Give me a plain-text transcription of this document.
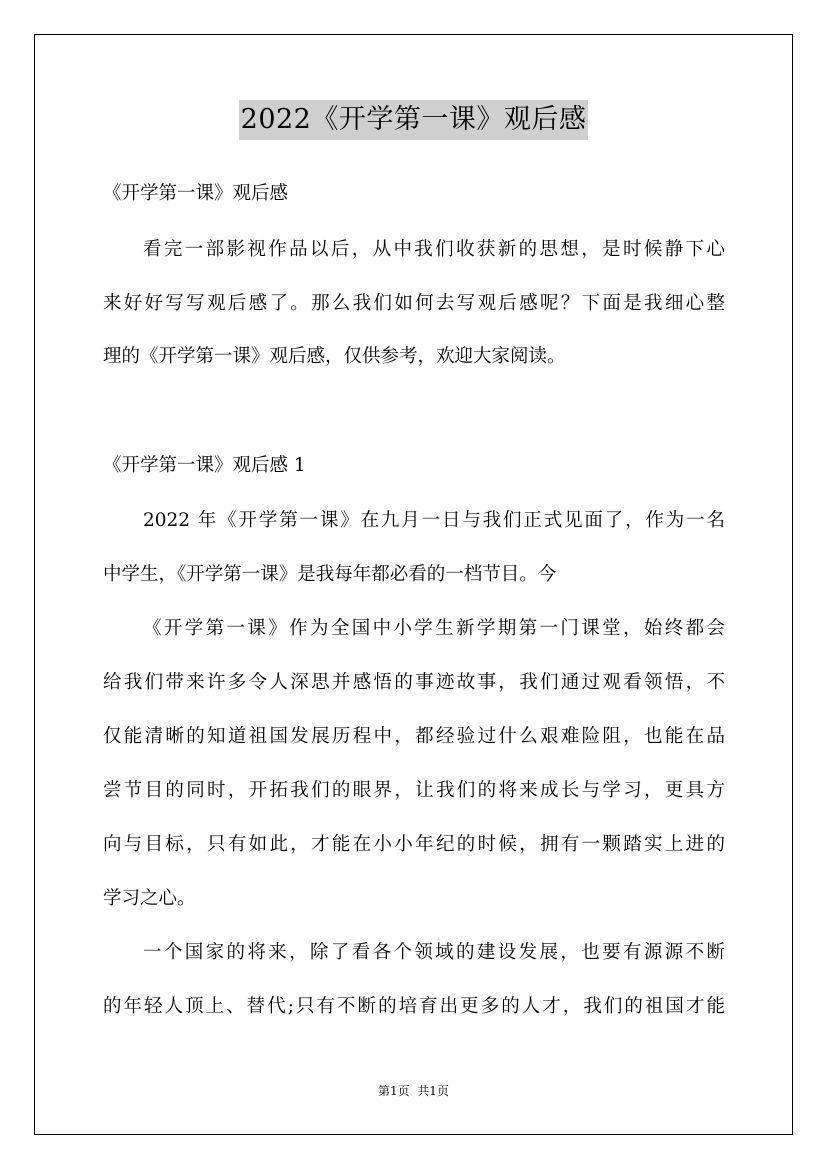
2022《开学第一课》观后感
《开学第一课》观后感
看完一部影视作品以后，从中我们收获新的思想，是时候静下心
来好好写写观后感了。那么我们如何去写观后感呢？下面是我细心整
理的《开学第一课》观后感，仅供参考，欢迎大家阅读。
《开学第一课》观后感 1
2022 年《开学第一课》在九月一日与我们正式见面了，作为一名
中学生，《开学第一课》是我每年都必看的一档节目。今
《开学第一课》作为全国中小学生新学期第一门课堂，始终都会
给我们带来许多令人深思并感悟的事迹故事，我们通过观看领悟，不
仅能清晰的知道祖国发展历程中，都经验过什么艰难险阻，也能在品
尝节目的同时，开拓我们的眼界，让我们的将来成长与学习，更具方
向与目标，只有如此，才能在小小年纪的时候，拥有一颗踏实上进的
学习之心。
一个国家的将来，除了看各个领域的建设发展，也要有源源不断
的年轻人顶上、替代;只有不断的培育出更多的人才，我们的祖国才能
第1页  共1页
